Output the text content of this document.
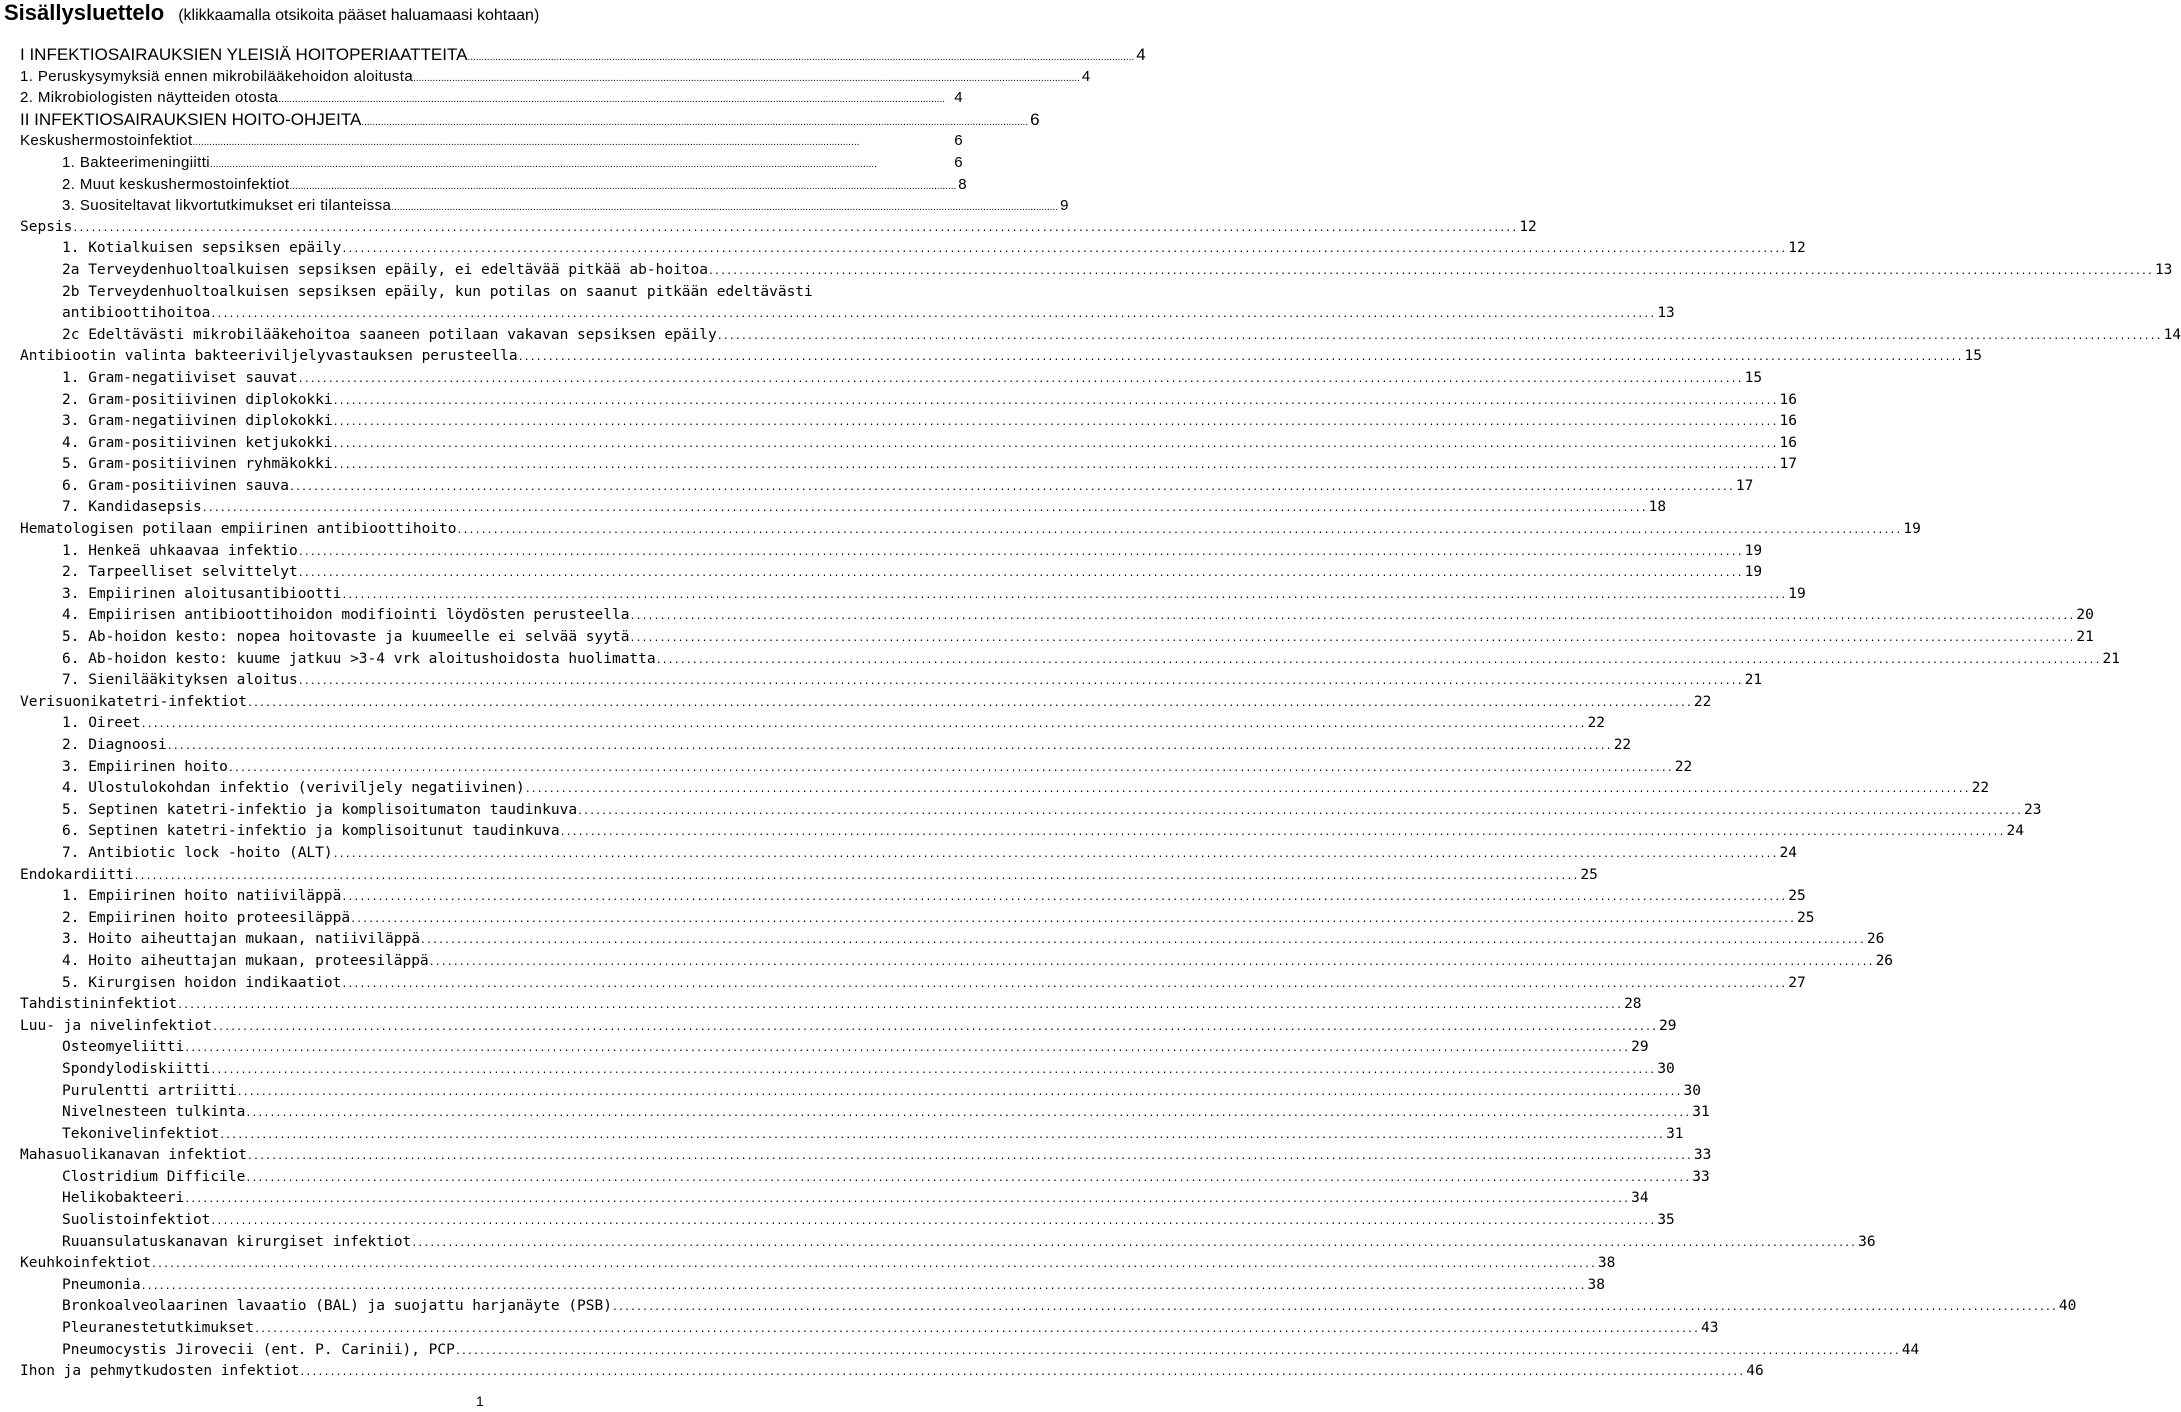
Sisällysluettelo (klikkaamalla otsikoita pääset haluamaasi kohtaan)
I INFEKTIOSAIRAUKSIEN YLEISIÄ HOITOPERIAATTEITA .....	4
1. Peruskysymyksiä ennen mikrobilääkehoidon aloitusta .....	4
2. Mikrobiologisten näytteiden otosta .....	4
II INFEKTIOSAIRAUKSIEN HOITO-OHJEITA .....	6
Keskushermostoinfektiot .....	6
1. Bakteerimeningiitti .....	6
2. Muut keskushermostoinfektiot .....	8
3. Suositeltavat likvortutkimukset eri tilanteissa .....	9
Sepsis .....	12
1. Kotialkuisen sepsiksen epäily .....	12
2a Terveydenhuoltoalkuisen sepsiksen epäily, ei edeltävää pitkää ab-hoitoa .....	13
2b Terveydenhuoltoalkuisen sepsiksen epäily, kun potilas on saanut pitkään edeltävästi
antibioottihoitoa .....	13
2c Edeltävästi mikrobilääkehoitoa saaneen potilaan vakavan sepsiksen epäily .....	14
Antibiootin valinta bakteeriviljelyvastauksen perusteella .....	15
1. Gram-negatiiviset sauvat .....	15
2. Gram-positiivinen diplokokki .....	16
3. Gram-negatiivinen diplokokki .....	16
4. Gram-positiivinen ketjukokki .....	16
5. Gram-positiivinen ryhmäkokki .....	17
6. Gram-positiivinen sauva .....	17
7. Kandidasepsis .....	18
Hematologisen potilaan empiirinen antibioottihoito .....	19
1. Henkeä uhkaavaa infektio .....	19
2. Tarpeelliset selvittelyt .....	19
3. Empiirinen aloitusantibiootti .....	19
4. Empiirisen antibioottihoidon modifiointi löydösten perusteella .....	20
5. Ab-hoidon kesto: nopea hoitovaste ja kuumeelle ei selvää syytä .....	21
6. Ab-hoidon kesto: kuume jatkuu >3-4 vrk aloitushoidosta huolimatta .....	21
7. Sienilääkityksen aloitus .....	21
Verisuonikatetri-infektiot .....	22
1. Oireet .....	22
2. Diagnoosi .....	22
3. Empiirinen hoito .....	22
4. Ulostulokohdan infektio (veriviljely negatiivinen) .....	22
5. Septinen katetri-infektio ja komplisoitumaton taudinkuva .....	23
6. Septinen katetri-infektio ja komplisoitunut taudinkuva .....	24
7. Antibiotic lock -hoito (ALT) .....	24
Endokardiitti .....	25
1. Empiirinen hoito natiiviläppä .....	25
2. Empiirinen hoito proteesiläppä .....	25
3. Hoito aiheuttajan mukaan, natiiviläppä .....	26
4. Hoito aiheuttajan mukaan, proteesiläppä .....	26
5. Kirurgisen hoidon indikaatiot .....	27
Tahdistininfektiot .....	28
Luu- ja nivelinfektiot .....	29
Osteomyeliitti .....	29
Spondylodiskiitti .....	30
Purulentti artriitti .....	30
Nivelnesteen tulkinta .....	31
Tekonivelinfektiot .....	31
Mahasuolikanavan infektiot .....	33
Clostridium Difficile .....	33
Helikobakteeri .....	34
Suolistoinfektiot .....	35
Ruuansulatuskanavan kirurgiset infektiot .....	36
Keuhkoinfektiot .....	38
Pneumonia .....	38
Bronkoalveolaarinen lavaatio (BAL) ja suojattu harjanäyte (PSB) .....	40
Pleuranestetutkimukset .....	43
Pneumocystis Jirovecii (ent. P. Carinii), PCP .....	44
Ihon ja pehmytkudosten infektiot .....	46
1
